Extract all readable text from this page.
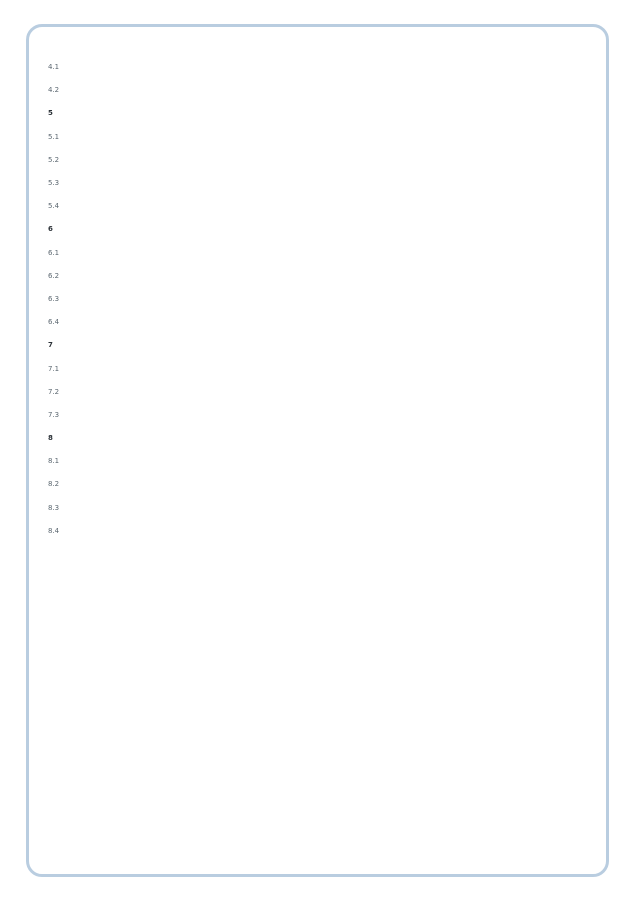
4.1
4.2
5
5.1
5.2
5.3
5.4
6
6.1
6.2
6.3
6.4
7
7.1
7.2
7.3
8
8.1
8.2
8.3
8.4
